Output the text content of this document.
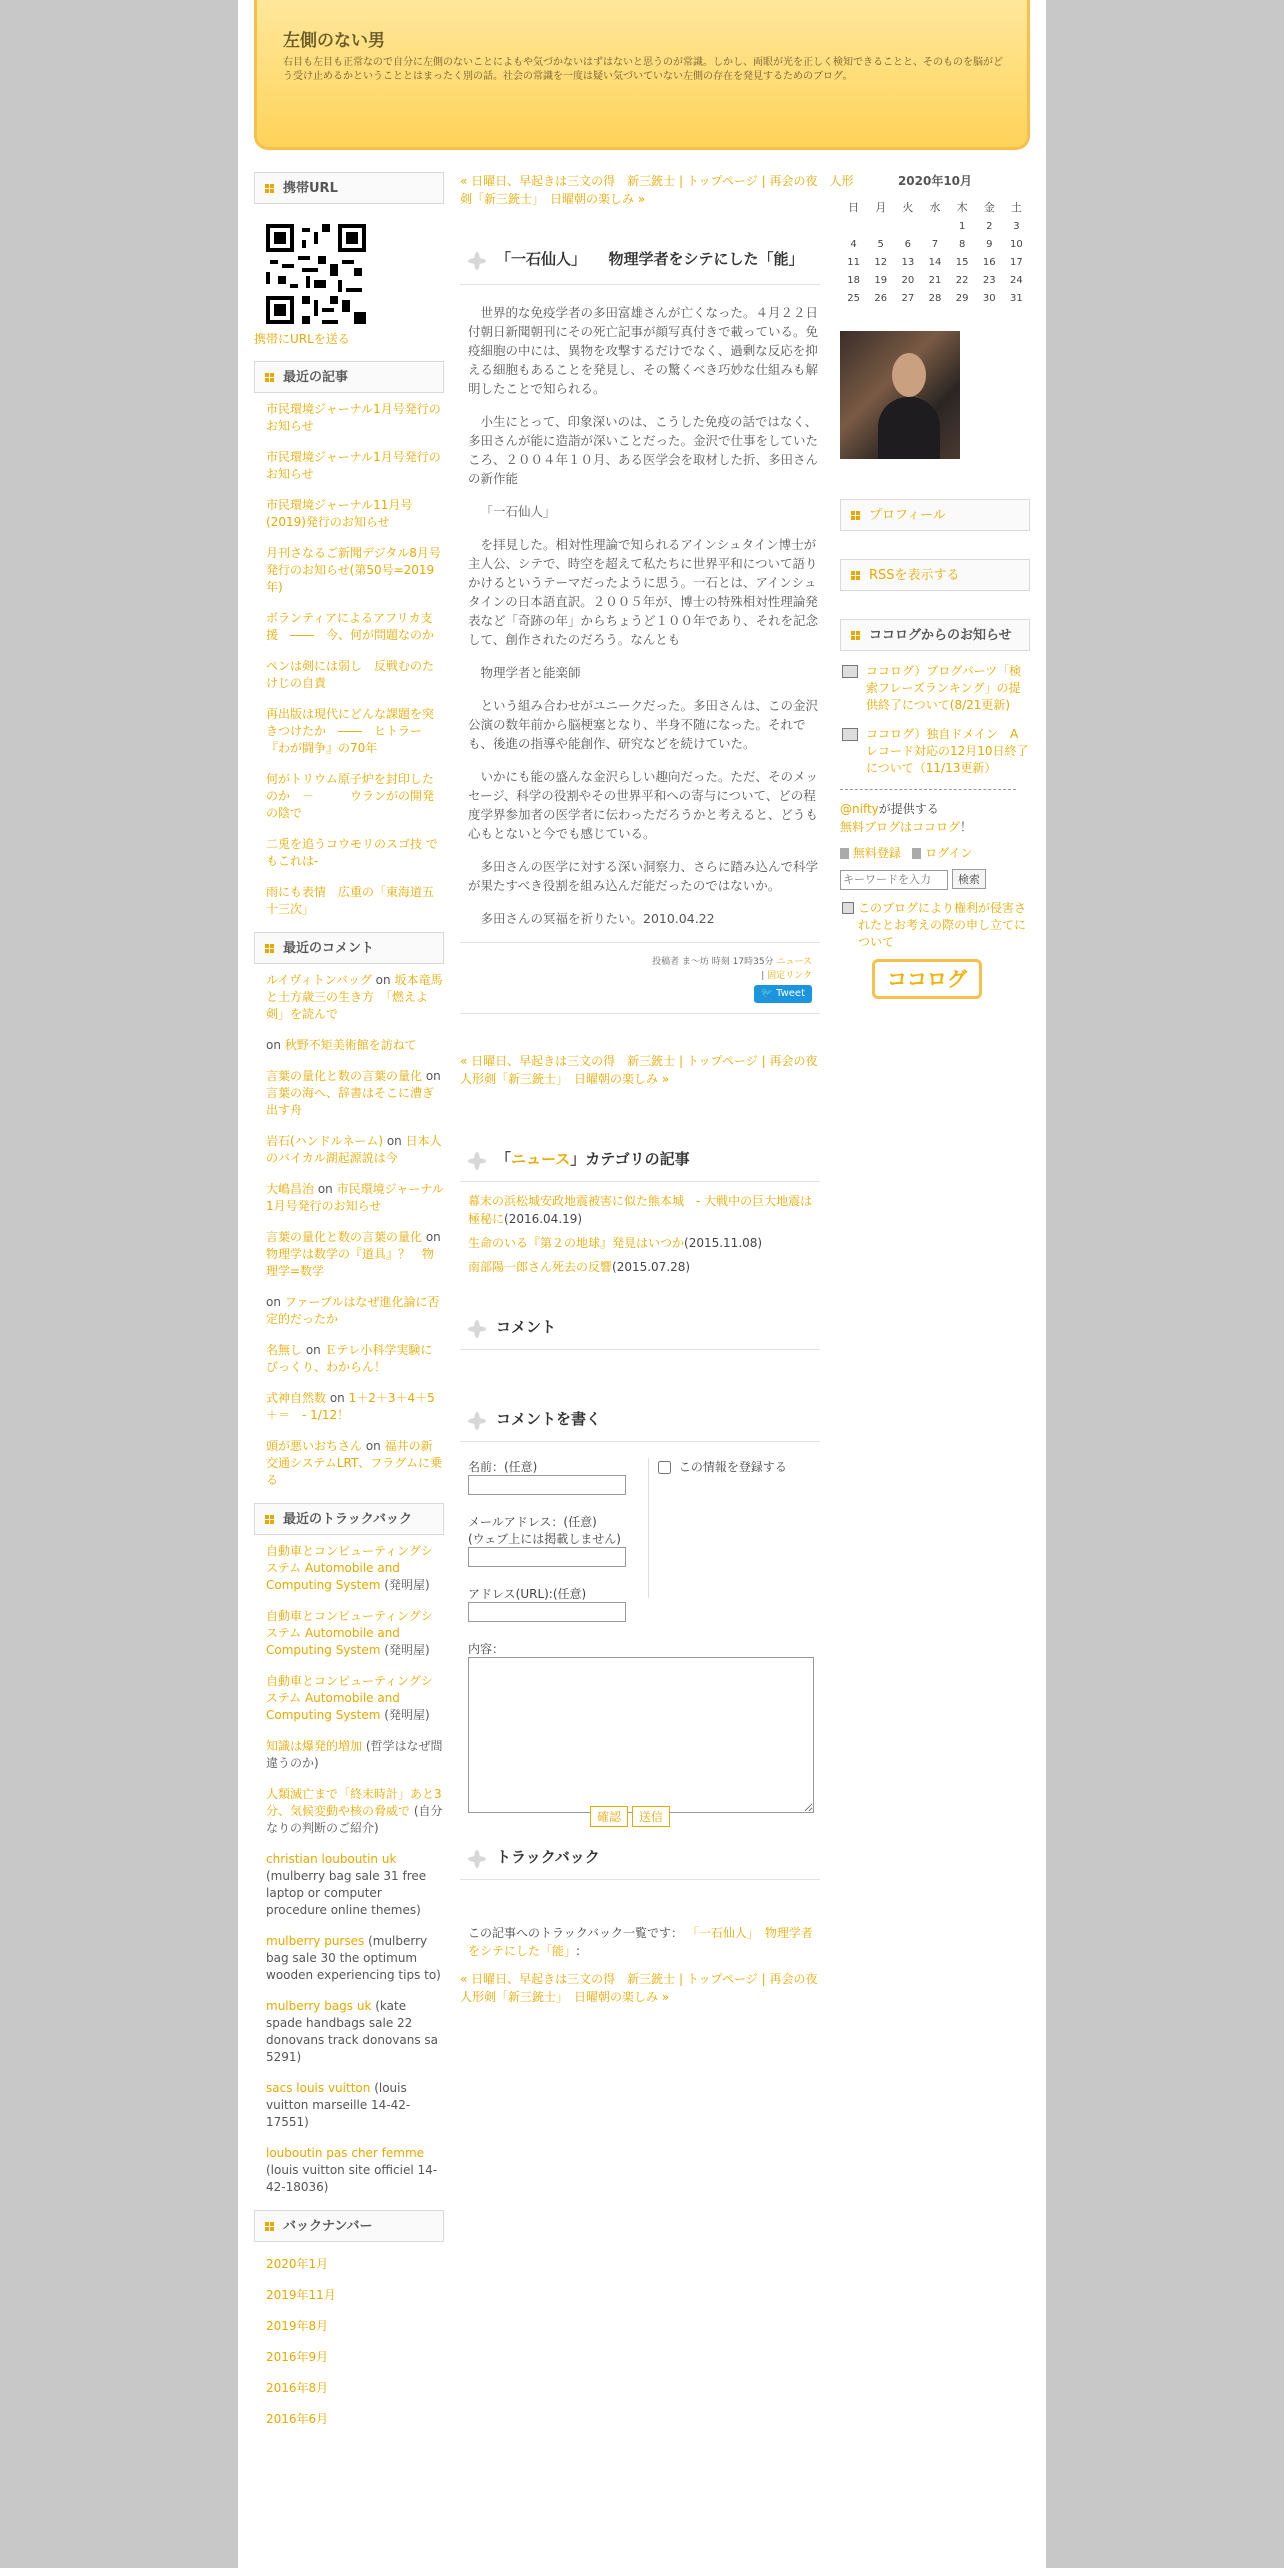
左側のない男
右目も左目も正常なので自分に左側のないことによもや気づかないはずはないと思うのが常識。しかし、両眼が光を正しく検知できることと、そのものを脳がどう受け止めるかということとはまったく別の話。社会の常識を一度は疑い気づいていない左側の存在を発見するためのブログ。
携帯URL
携帯にURLを送る
最近の記事
市民環境ジャーナル1月号発行のお知らせ
市民環境ジャーナル1月号発行のお知らせ
市民環境ジャーナル11月号(2019)発行のお知らせ
月刊さなるご新聞デジタル8月号発行のお知らせ(第50号=2019年)
ボランティアによるアフリカ支援　――　今、何が問題なのか
ペンは剣には弱し　反戦むのたけじの自責
再出版は現代にどんな課題を突きつけたか　――　ヒトラー『わが闘争』の70年
何がトリウム原子炉を封印したのか　－　　　ウランがの開発の陰で
二兎を追うコウモリのスゴ技 でもこれは-
雨にも表情　広重の「東海道五十三次」
最近のコメント
ルイヴィトンバッグ on 坂本竜馬と土方歳三の生き方　「燃えよ剣」を読んで
on 秋野不矩美術館を訪ねて
言葉の量化と数の言葉の量化 on 言葉の海へ、辞書はそこに漕ぎ出す舟
岩石(ハンドルネーム) on 日本人のバイカル湖起源説は今
大嶋昌治 on 市民環境ジャーナル1月号発行のお知らせ
言葉の量化と数の言葉の量化 on 物理学は数学の『道具』？　物理学=数学
on ファーブルはなぜ進化論に否定的だったか
名無し on Ｅテレ小科学実験にびっくり、わからん！
式神自然数 on 1＋2＋3＋4＋5＋＝　- 1/12！
頭が悪いおちさん on 福井の新交通システムLRT、フラグムに乗る
最近のトラックバック
自動車とコンピューティングシステム Automobile and Computing System (発明屋)
自動車とコンピューティングシステム Automobile and Computing System (発明屋)
自動車とコンピューティングシステム Automobile and Computing System (発明屋)
知識は爆発的増加 (哲学はなぜ間違うのか)
人類滅亡まで「終末時計」あと3分、気候変動や核の脅威で (自分なりの判断のご紹介)
christian louboutin uk (mulberry bag sale 31 free laptop or computer procedure online themes)
mulberry purses (mulberry bag sale 30 the optimum wooden experiencing tips to)
mulberry bags uk (kate spade handbags sale 22 donovans track donovans sa 5291)
sacs louis vuitton (louis vuitton marseille 14-42-17551)
louboutin pas cher femme (louis vuitton site officiel 14-42-18036)
バックナンバー
2020年1月
2019年11月
2019年8月
2016年9月
2016年8月
2016年6月
« 日曜日、早起きは三文の得　新三銃士 | トップページ | 再会の夜　人形剣「新三銃士」　日曜朝の楽しみ »
「一石仙人」　　物理学者をシテにした「能」

世界的な免疫学者の多田富雄さんが亡くなった。４月２２日付朝日新聞朝刊にその死亡記事が顔写真付きで載っている。免疫細胞の中には、異物を攻撃するだけでなく、過剰な反応を抑える細胞もあることを発見し、その驚くべき巧妙な仕組みも解明したことで知られる。

小生にとって、印象深いのは、こうした免疫の話ではなく、多田さんが能に造詣が深いことだった。金沢で仕事をしていたころ、２００４年１０月、ある医学会を取材した折、多田さんの新作能

「一石仙人」

を拝見した。相対性理論で知られるアインシュタイン博士が主人公、シテで、時空を超えて私たちに世界平和について語りかけるというテーマだったように思う。一石とは、アインシュタインの日本語直訳。２００５年が、博士の特殊相対性理論発表など「奇跡の年」からちょうど１００年であり、それを記念して、創作されたのだろう。なんとも

物理学者と能楽師

という組み合わせがユニークだった。多田さんは、この金沢公演の数年前から脳梗塞となり、半身不随になった。それでも、後進の指導や能創作、研究などを続けていた。

いかにも能の盛んな金沢らしい趣向だった。ただ、そのメッセージ、科学の役割やその世界平和への寄与について、どの程度学界参加者の医学者に伝わっただろうかと考えると、どうも心もとないと今でも感じている。

多田さんの医学に対する深い洞察力、さらに踏み込んで科学が果たすべき役割を組み込んだ能だったのではないか。

多田さんの冥福を祈りたい。2010.04.22

投稿者 ま～坊 時刻 17時35分 ニュース
| 固定リンク
🐦 Tweet
« 日曜日、早起きは三文の得　新三銃士 | トップページ | 再会の夜　人形剣「新三銃士」　日曜朝の楽しみ »
「ニュース」カテゴリの記事
幕末の浜松城安政地震被害に似た熊本城　- 大戦中の巨大地震は極秘に(2016.04.19)
生命のいる『第２の地球』発見はいつか(2015.11.08)
南部陽一郎さん死去の反響(2015.07.28)
コメント
コメントを書く
名前：(任意)
メールアドレス：(任意)
(ウェブ上には掲載しません)
アドレス(URL):(任意)
内容：
この情報を登録する
確認 送信
トラックバック
この記事へのトラックバック一覧です： 「一石仙人」　物理学者をシテにした「能」:
« 日曜日、早起きは三文の得　新三銃士 | トップページ | 再会の夜　人形剣「新三銃士」　日曜朝の楽しみ »
2020年10月
日	月	火	水	木	金	土
				1	2	3
4	5	6	7	8	9	10
11	12	13	14	15	16	17
18	19	20	21	22	23	24
25	26	27	28	29	30	31
プロフィール
RSSを表示する
ココログからのお知らせ
ココログ）ブログパーツ「検索フレーズランキング」の提供終了について(8/21更新)
ココログ）独自ドメイン　Aレコード対応の12月10日終了について（11/13更新）
@niftyが提供する
無料ブログはココログ！
無料登録 ログイン
キーワードを入力 検索
このブログにより権利が侵害されたとお考えの際の申し立てについて
ココログ
